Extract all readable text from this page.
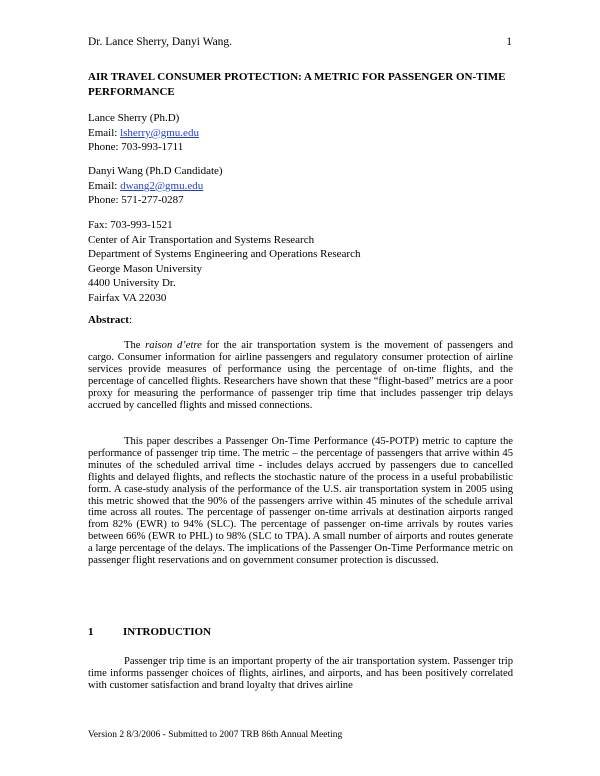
Dr. Lance Sherry, Danyi Wang.	1
AIR TRAVEL CONSUMER PROTECTION: A METRIC FOR PASSENGER ON-TIME PERFORMANCE
Lance Sherry (Ph.D)
Email: lsherry@gmu.edu
Phone: 703-993-1711
Danyi Wang (Ph.D Candidate)
Email: dwang2@gmu.edu
Phone: 571-277-0287
Fax: 703-993-1521
Center of Air Transportation and Systems Research
Department of Systems Engineering and Operations Research
George Mason University
4400 University Dr.
Fairfax VA 22030
Abstract:
The raison d’etre for the air transportation system is the movement of passengers and cargo. Consumer information for airline passengers and regulatory consumer protection of airline services provide measures of performance using the percentage of on-time flights, and the percentage of cancelled flights. Researchers have shown that these “flight-based” metrics are a poor proxy for measuring the performance of passenger trip time that includes passenger trip delays accrued by cancelled flights and missed connections.
This paper describes a Passenger On-Time Performance (45-POTP) metric to capture the performance of passenger trip time. The metric – the percentage of passengers that arrive within 45 minutes of the scheduled arrival time - includes delays accrued by passengers due to cancelled flights and delayed flights, and reflects the stochastic nature of the process in a useful probabilistic form. A case-study analysis of the performance of the U.S. air transportation system in 2005 using this metric showed that the 90% of the passengers arrive within 45 minutes of the schedule arrival time across all routes. The percentage of passenger on-time arrivals at destination airports ranged from 82% (EWR) to 94% (SLC). The percentage of passenger on-time arrivals by routes varies between 66% (EWR to PHL) to 98% (SLC to TPA). A small number of airports and routes generate a large percentage of the delays. The implications of the Passenger On-Time Performance metric on passenger flight reservations and on government consumer protection is discussed.
1	INTRODUCTION
Passenger trip time is an important property of the air transportation system. Passenger trip time informs passenger choices of flights, airlines, and airports, and has been positively correlated with customer satisfaction and brand loyalty that drives airline
Version 2 8/3/2006 - Submitted to 2007 TRB 86th Annual Meeting
